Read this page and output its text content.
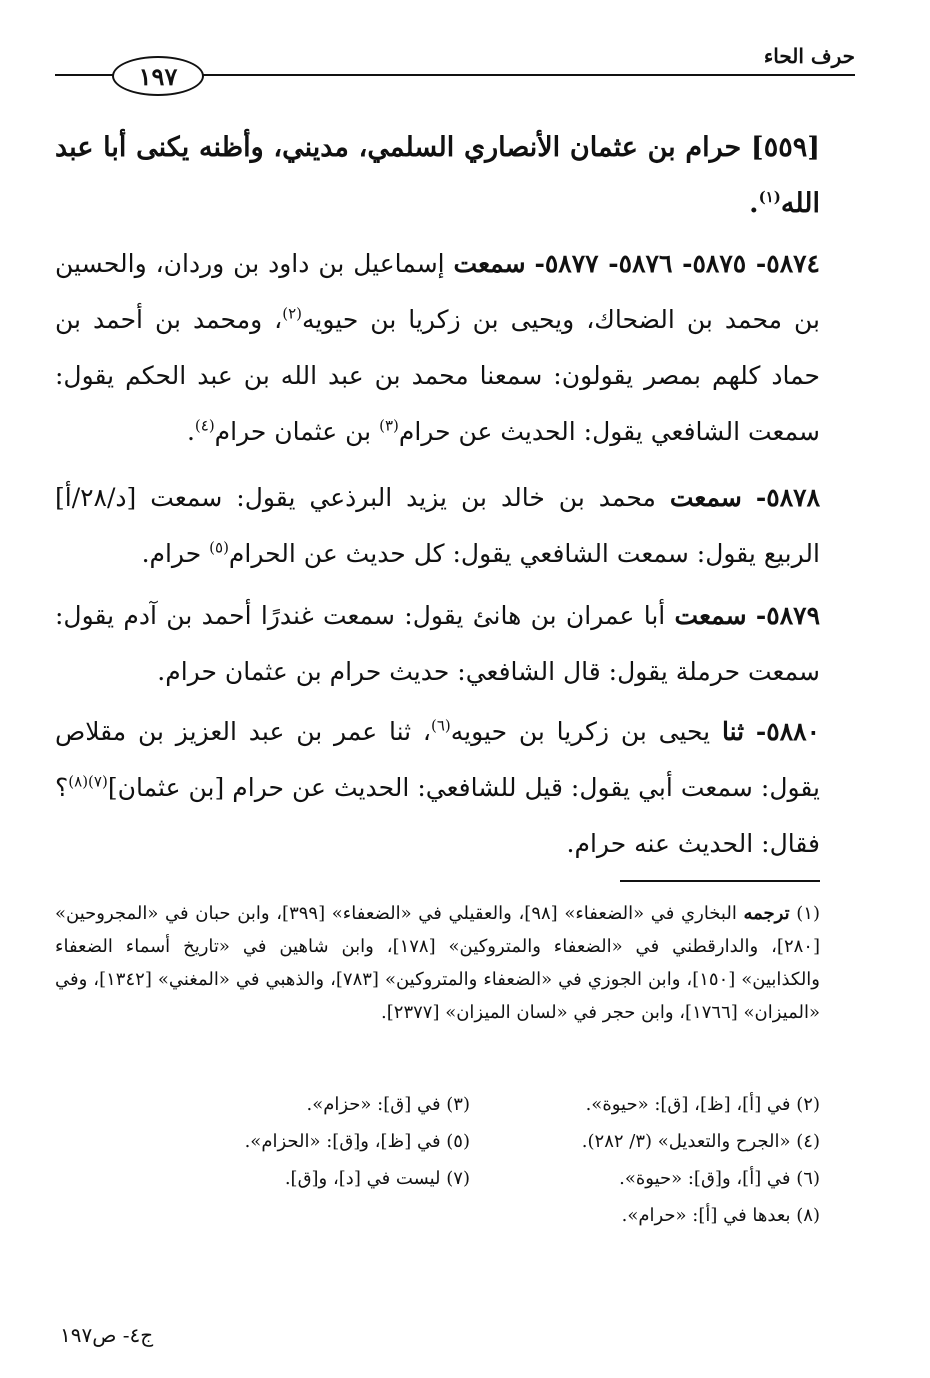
حرف الحاء
١٩٧
[٥٥٩] حرام بن عثمان الأنصاري السلمي، مديني، وأظنه يكنى أبا عبد الله$^{(١)}$.
٥٨٧٤- ٥٨٧٥- ٥٨٧٦- ٥٨٧٧- سمعت إسماعيل بن داود بن وردان، والحسين بن محمد بن الضحاك، ويحيى بن زكريا بن حيويه$^{(٢)}$، ومحمد بن أحمد بن حماد كلهم بمصر يقولون: سمعنا محمد بن عبد الله بن عبد الحكم يقول: سمعت الشافعي يقول: الحديث عن حرام$^{(٣)}$ بن عثمان حرام$^{(٤)}$.
٥٨٧٨- سمعت محمد بن خالد بن يزيد البرذعي يقول: سمعت [د/٢٨/أ] الربيع يقول: سمعت الشافعي يقول: كل حديث عن الحرام$^{(٥)}$ حرام.
٥٨٧٩- سمعت أبا عمران بن هانئ يقول: سمعت غندرًا أحمد بن آدم يقول: سمعت حرملة يقول: قال الشافعي: حديث حرام بن عثمان حرام.
٥٨٨٠- ثنا يحيى بن زكريا بن حيويه$^{(٦)}$، ثنا عمر بن عبد العزيز بن مقلاص يقول: سمعت أبي يقول: قيل للشافعي: الحديث عن حرام [بن عثمان]$^{(٧)(٨)}$؟ فقال: الحديث عنه حرام.
(١) ترجمه البخاري في «الضعفاء» [٩٨]، والعقيلي في «الضعفاء» [٣٩٩]، وابن حبان في «المجروحين» [٢٨٠]، والدارقطني في «الضعفاء والمتروكين» [١٧٨]، وابن شاهين في «تاريخ أسماء الضعفاء والكذابين» [١٥٠]، وابن الجوزي في «الضعفاء والمتروكين» [٧٨٣]، والذهبي في «المغني» [١٣٤٢]، وفي «الميزان» [١٧٦٦]، وابن حجر في «لسان الميزان» [٢٣٧٧].
(٢) في [أ]، [ظ]، [ق]: «حيوة».
(٣) في [ق]: «حزام».
(٤) «الجرح والتعديل» (٣/ ٢٨٢).
(٥) في [ظ]، و[ق]: «الحزام».
(٦) في [أ]، و[ق]: «حيوة».
(٧) ليست في [د]، و[ق].
(٨) بعدها في [أ]: «حرام».
ج٤- ص١٩٧
